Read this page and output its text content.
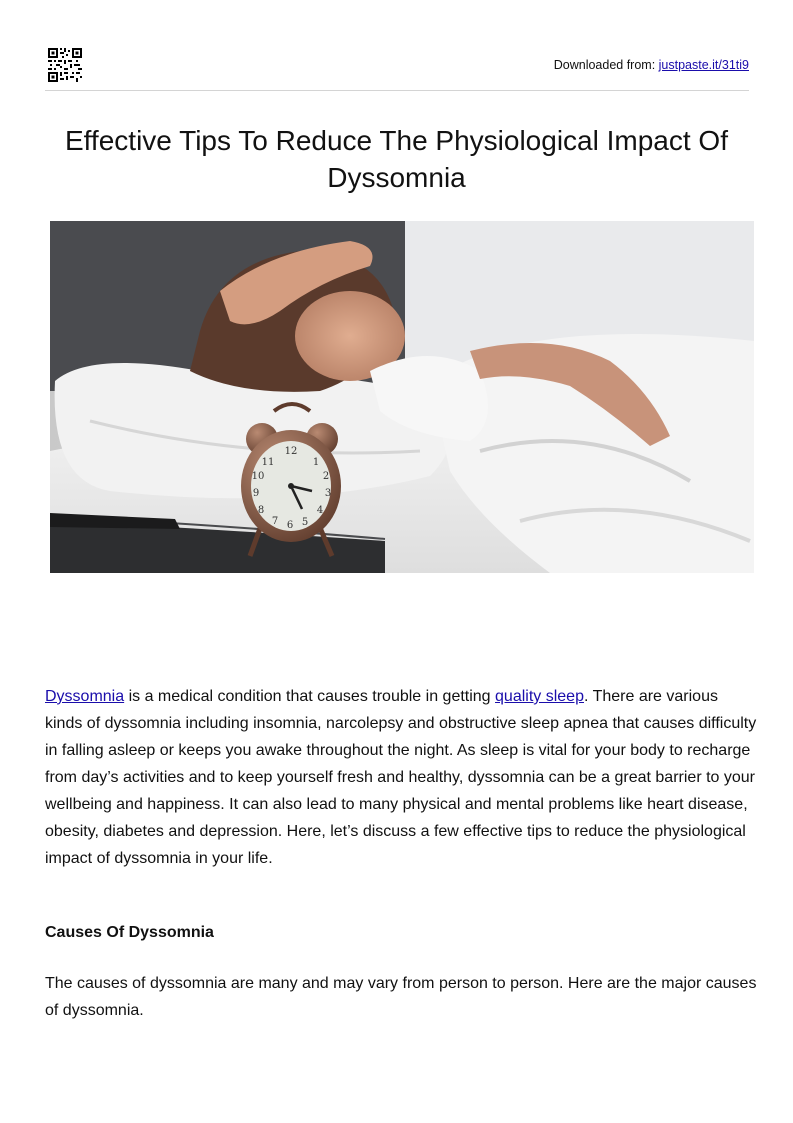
Downloaded from: justpaste.it/31ti9
Effective Tips To Reduce The Physiological Impact Of Dyssomnia
12
1
2
3
4
5
6
7
8
9
10
11

Dyssomnia is a medical condition that causes trouble in getting quality sleep. There are various kinds of dyssomnia including insomnia, narcolepsy and obstructive sleep apnea that causes difficulty in falling asleep or keeps you awake throughout the night. As sleep is vital for your body to recharge from day’s activities and to keep yourself fresh and healthy, dyssomnia can be a great barrier to your wellbeing and happiness. It can also lead to many physical and mental problems like heart disease, obesity, diabetes and depression. Here, let’s discuss a few effective tips to reduce the physiological impact of dyssomnia in your life.

Causes Of Dyssomnia

The causes of dyssomnia are many and may vary from person to person. Here are the major causes of dyssomnia.
